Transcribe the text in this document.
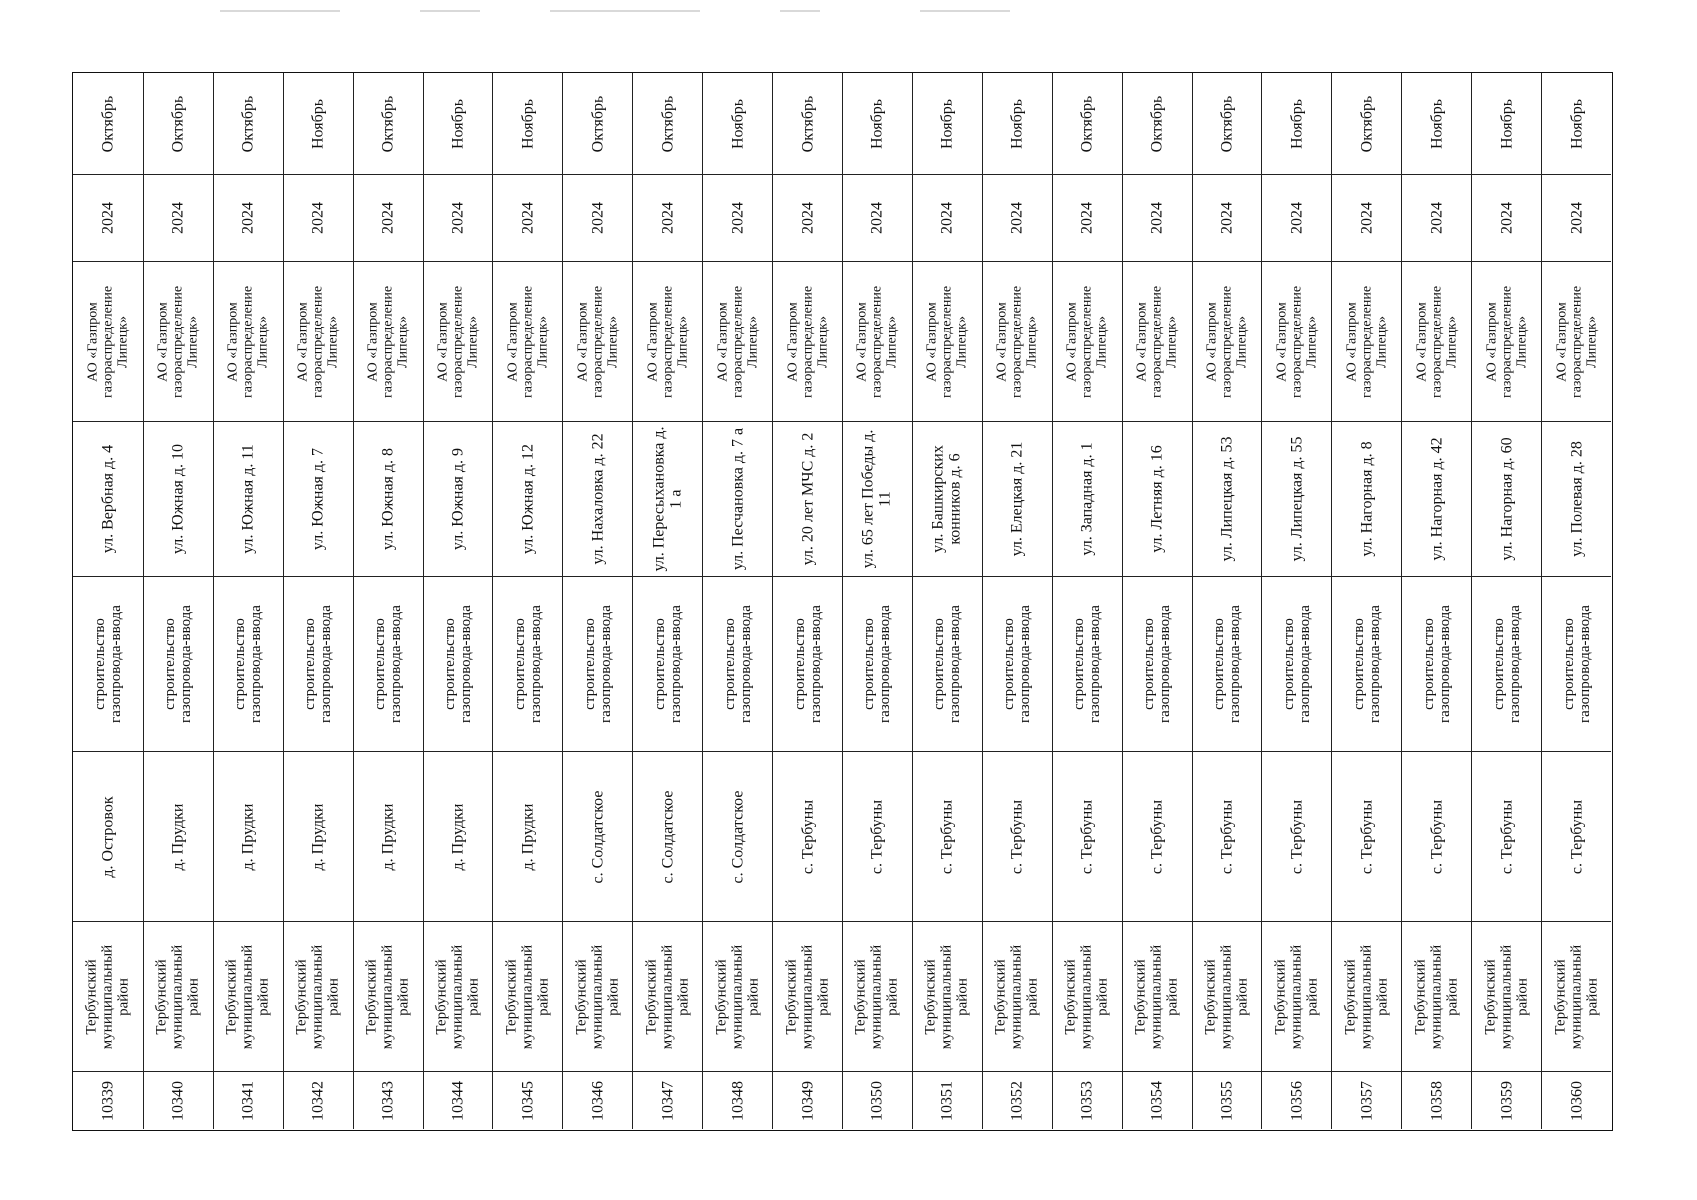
10339
Тербунский муниципальный район
д. Островок
строительство газопровода-ввода
ул. Вербная д. 4
АО «Газпром газораспределение Липецк»
2024
Октябрь
10340
Тербунский муниципальный район
д. Прудки
строительство газопровода-ввода
ул. Южная д. 10
АО «Газпром газораспределение Липецк»
2024
Октябрь
10341
Тербунский муниципальный район
д. Прудки
строительство газопровода-ввода
ул. Южная д. 11
АО «Газпром газораспределение Липецк»
2024
Октябрь
10342
Тербунский муниципальный район
д. Прудки
строительство газопровода-ввода
ул. Южная д. 7
АО «Газпром газораспределение Липецк»
2024
Ноябрь
10343
Тербунский муниципальный район
д. Прудки
строительство газопровода-ввода
ул. Южная д. 8
АО «Газпром газораспределение Липецк»
2024
Октябрь
10344
Тербунский муниципальный район
д. Прудки
строительство газопровода-ввода
ул. Южная д. 9
АО «Газпром газораспределение Липецк»
2024
Ноябрь
10345
Тербунский муниципальный район
д. Прудки
строительство газопровода-ввода
ул. Южная д. 12
АО «Газпром газораспределение Липецк»
2024
Ноябрь
10346
Тербунский муниципальный район
с. Солдатское
строительство газопровода-ввода
ул. Нахаловка д. 22
АО «Газпром газораспределение Липецк»
2024
Октябрь
10347
Тербунский муниципальный район
с. Солдатское
строительство газопровода-ввода
ул. Пересыхановка д. 1 а
АО «Газпром газораспределение Липецк»
2024
Октябрь
10348
Тербунский муниципальный район
с. Солдатское
строительство газопровода-ввода
ул. Песчановка д. 7 а
АО «Газпром газораспределение Липецк»
2024
Ноябрь
10349
Тербунский муниципальный район
с. Тербуны
строительство газопровода-ввода
ул. 20 лет МЧС д. 2
АО «Газпром газораспределение Липецк»
2024
Октябрь
10350
Тербунский муниципальный район
с. Тербуны
строительство газопровода-ввода
ул. 65 лет Победы д. 11
АО «Газпром газораспределение Липецк»
2024
Ноябрь
10351
Тербунский муниципальный район
с. Тербуны
строительство газопровода-ввода
ул. Башкирских конников д. 6
АО «Газпром газораспределение Липецк»
2024
Ноябрь
10352
Тербунский муниципальный район
с. Тербуны
строительство газопровода-ввода
ул. Елецкая д. 21
АО «Газпром газораспределение Липецк»
2024
Ноябрь
10353
Тербунский муниципальный район
с. Тербуны
строительство газопровода-ввода
ул. Западная д. 1
АО «Газпром газораспределение Липецк»
2024
Октябрь
10354
Тербунский муниципальный район
с. Тербуны
строительство газопровода-ввода
ул. Летняя д. 16
АО «Газпром газораспределение Липецк»
2024
Октябрь
10355
Тербунский муниципальный район
с. Тербуны
строительство газопровода-ввода
ул. Липецкая д. 53
АО «Газпром газораспределение Липецк»
2024
Октябрь
10356
Тербунский муниципальный район
с. Тербуны
строительство газопровода-ввода
ул. Липецкая д. 55
АО «Газпром газораспределение Липецк»
2024
Ноябрь
10357
Тербунский муниципальный район
с. Тербуны
строительство газопровода-ввода
ул. Нагорная д. 8
АО «Газпром газораспределение Липецк»
2024
Октябрь
10358
Тербунский муниципальный район
с. Тербуны
строительство газопровода-ввода
ул. Нагорная д. 42
АО «Газпром газораспределение Липецк»
2024
Ноябрь
10359
Тербунский муниципальный район
с. Тербуны
строительство газопровода-ввода
ул. Нагорная д. 60
АО «Газпром газораспределение Липецк»
2024
Ноябрь
10360
Тербунский муниципальный район
с. Тербуны
строительство газопровода-ввода
ул. Полевая д. 28
АО «Газпром газораспределение Липецк»
2024
Ноябрь
